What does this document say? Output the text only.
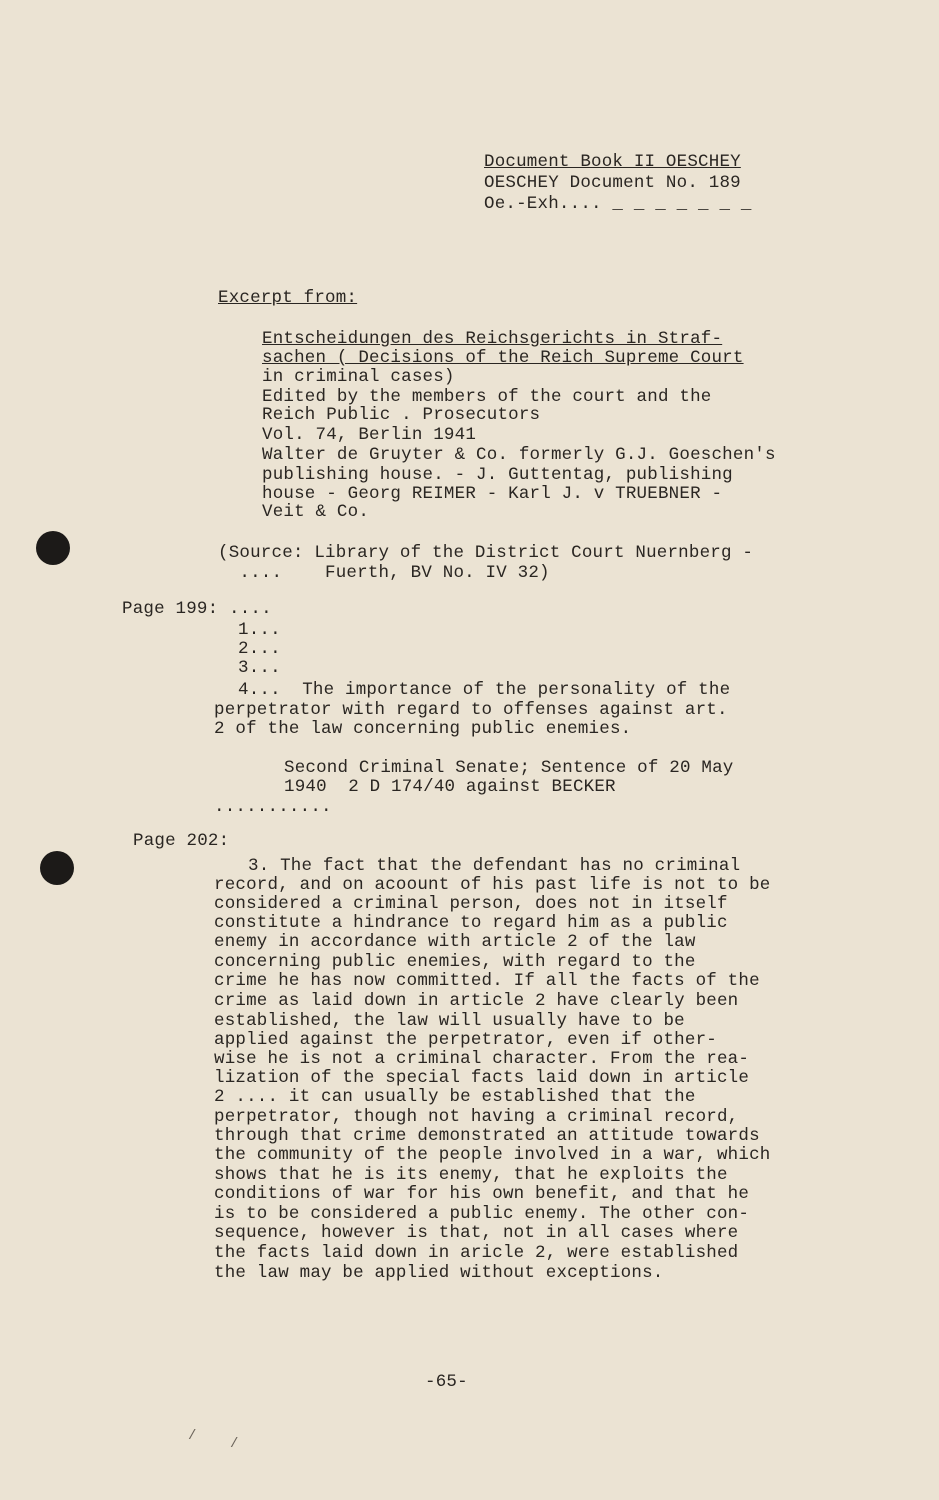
Document Book II OESCHEY
OESCHEY Document No. 189
Oe.-Exh.... _ _ _ _ _ _ _
Excerpt from:
Entscheidungen des Reichsgerichts in Straf-
sachen ( Decisions of the Reich Supreme Court
in criminal cases)
Edited by the members of the court and the
Reich Public . Prosecutors
Vol. 74, Berlin 1941
Walter de Gruyter & Co. formerly G.J. Goeschen's
publishing house. - J. Guttentag, publishing
house - Georg REIMER - Karl J. v TRUEBNER -
Veit & Co.
(Source: Library of the District Court Nuernberg -
....    Fuerth, BV No. IV 32)
Page 199: ....
1...
2...
3...
4...  The importance of the personality of the
perpetrator with regard to offenses against art.
2 of the law concerning public enemies.
Second Criminal Senate; Sentence of 20 May
1940  2 D 174/40 against BECKER
...........
Page 202:
3. The fact that the defendant has no criminal
record, and on acoount of his past life is not to be
considered a criminal person, does not in itself
constitute a hindrance to regard him as a public
enemy in accordance with article 2 of the law
concerning public enemies, with regard to the
crime he has now committed. If all the facts of the
crime as laid down in article 2 have clearly been
established, the law will usually have to be
applied against the perpetrator, even if other-
wise he is not a criminal character. From the rea-
lization of the special facts laid down in article
2 .... it can usually be established that the
perpetrator, though not having a criminal record,
through that crime demonstrated an attitude towards
the community of the people involved in a war, which
shows that he is its enemy, that he exploits the
conditions of war for his own benefit, and that he
is to be considered a public enemy. The other con-
sequence, however is that, not in all cases where
the facts laid down in aricle 2, were established
the law may be applied without exceptions.
-65-
/ /
